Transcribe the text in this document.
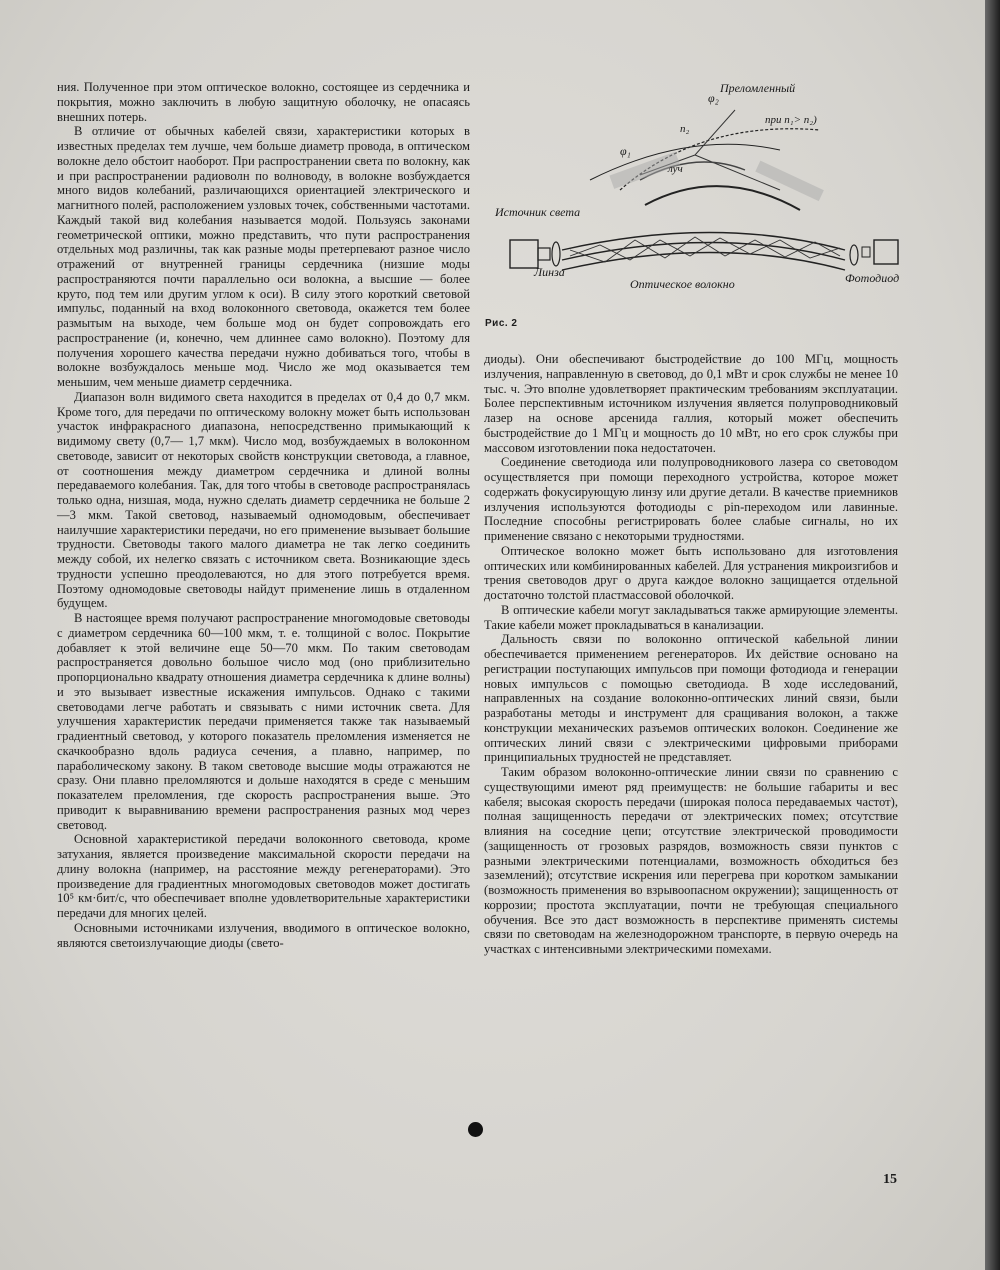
ния. Полученное при этом оптическое волокно, состоящее из сердечника и покрытия, можно заключить в любую защитную оболочку, не опасаясь внешних потерь.

В отличие от обычных кабелей связи, характеристики которых в известных пределах тем лучше, чем больше диаметр провода, в оптическом волокне дело обстоит наоборот. При распространении света по волокну, как и при распространении радиоволн по волноводу, в волокне возбуждается много видов колебаний, различающихся ориентацией электрического и магнитного полей, расположением узловых точек, собственными частотами. Каждый такой вид колебания называется модой. Пользуясь законами геометрической оптики, можно представить, что пути распространения отдельных мод различны, так как разные моды претерпевают разное число отражений от внутренней границы сердечника (низшие моды распространяются почти параллельно оси волокна, а высшие — более круто, под тем или другим углом к оси). В силу этого короткий световой импульс, поданный на вход волоконного световода, окажется тем более размытым на выходе, чем больше мод он будет сопровождать его распространение (и, конечно, чем длиннее само волокно). Поэтому для получения хорошего качества передачи нужно добиваться того, чтобы в волокне возбуждалось меньше мод. Число же мод оказывается тем меньшим, чем меньше диаметр сердечника.

Диапазон волн видимого света находится в пределах от 0,4 до 0,7 мкм. Кроме того, для передачи по оптическому волокну может быть использован участок инфракрасного диапазона, непосредственно примыкающий к видимому свету (0,7— 1,7 мкм). Число мод, возбуждаемых в волоконном световоде, зависит от некоторых свойств конструкции световода, а главное, от соотношения между диаметром сердечника и длиной волны передаваемого колебания. Так, для того чтобы в световоде распространялась только одна, низшая, мода, нужно сделать диаметр сердечника не больше 2—3 мкм. Такой световод, называемый одномодовым, обеспечивает наилучшие характеристики передачи, но его применение вызывает большие трудности. Световоды такого малого диаметра не так легко соединить между собой, их нелегко связать с источником света. Возникающие здесь трудности успешно преодолеваются, но для этого потребуется время. Поэтому одномодовые световоды найдут применение лишь в отдаленном будущем.

В настоящее время получают распространение многомодовые световоды с диаметром сердечника 60—100 мкм, т. е. толщиной с волос. Покрытие добавляет к этой величине еще 50—70 мкм. По таким световодам распространяется довольно большое число мод (оно приблизительно пропорционально квадрату отношения диаметра сердечника к длине волны) и это вызывает известные искажения импульсов. Однако с такими световодами легче работать и связывать с ними источник света. Для улучшения характеристик передачи применяется также так называемый градиентный световод, у которого показатель преломления изменяется не скачкообразно вдоль радиуса сечения, а плавно, например, по параболическому закону. В таком световоде высшие моды отражаются не сразу. Они плавно преломляются и дольше находятся в среде с меньшим показателем преломления, где скорость распространения выше. Это приводит к выравниванию времени распространения разных мод через световод.

Основной характеристикой передачи волоконного световода, кроме затухания, является произведение максимальной скорости передачи на длину волокна (например, на расстояние между регенераторами). Это произведение для градиентных многомодовых световодов может достигать 10⁵ км·бит/с, что обеспечивает вполне удовлетворительные характеристики передачи для многих целей.

Основными источниками излучения, вводимого в оптическое волокно, являются светоизлучающие диоды (свето-

луч
φ₁
φ₂
n₂
Преломленный
при n₁> n₂)
Источник света
Линза
Оптическое волокно	Фотодиод
Рис. 2

диоды). Они обеспечивают быстродействие до 100 МГц, мощность излучения, направленную в световод, до 0,1 мВт и срок службы не менее 10 тыс. ч. Это вполне удовлетворяет практическим требованиям эксплуатации. Более перспективным источником излучения является полупроводниковый лазер на основе арсенида галлия, который может обеспечить быстродействие до 1 МГц и мощность до 10 мВт, но его срок службы при массовом изготовлении пока недостаточен.

Соединение светодиода или полупроводникового лазера со световодом осуществляется при помощи переходного устройства, которое может содержать фокусирующую линзу или другие детали. В качестве приемников излучения используются фотодиоды с pin-переходом или лавинные. Последние способны регистрировать более слабые сигналы, но их применение связано с некоторыми трудностями.

Оптическое волокно может быть использовано для изготовления оптических или комбинированных кабелей. Для устранения микроизгибов и трения световодов друг о друга каждое волокно защищается отдельной достаточно толстой пластмассовой оболочкой.

В оптические кабели могут закладываться также армирующие элементы. Такие кабели может прокладываться в канализации.

Дальность связи по волоконно оптической кабельной линии обеспечивается применением регенераторов. Их действие основано на регистрации поступающих импульсов при помощи фотодиода и генерации новых импульсов с помощью светодиода. В ходе исследований, направленных на создание волоконно-оптических линий связи, были разработаны методы и инструмент для сращивания волокон, а также конструкции механических разъемов оптических волокон. Соединение же оптических линий связи с электрическими цифровыми приборами принципиальных трудностей не представляет.

Таким образом волоконно-оптические линии связи по сравнению с существующими имеют ряд преимуществ: не большие габариты и вес кабеля; высокая скорость передачи (широкая полоса передаваемых частот), полная защищенность передачи от электрических помех; отсутствие влияния на соседние цепи; отсутствие электрической проводимости (защищенность от грозовых разрядов, возможность связи пунктов с разными электрическими потенциалами, возможность обходиться без заземлений); отсутствие искрения или перегрева при коротком замыкании (возможность применения во взрывоопасном окружении); защищенность от коррозии; простота эксплуатации, почти не требующая специального обучения. Все это даст возможность в перспективе применять системы связи по световодам на железнодорожном транспорте, в первую очередь на участках с интенсивными электрическими помехами.

15
